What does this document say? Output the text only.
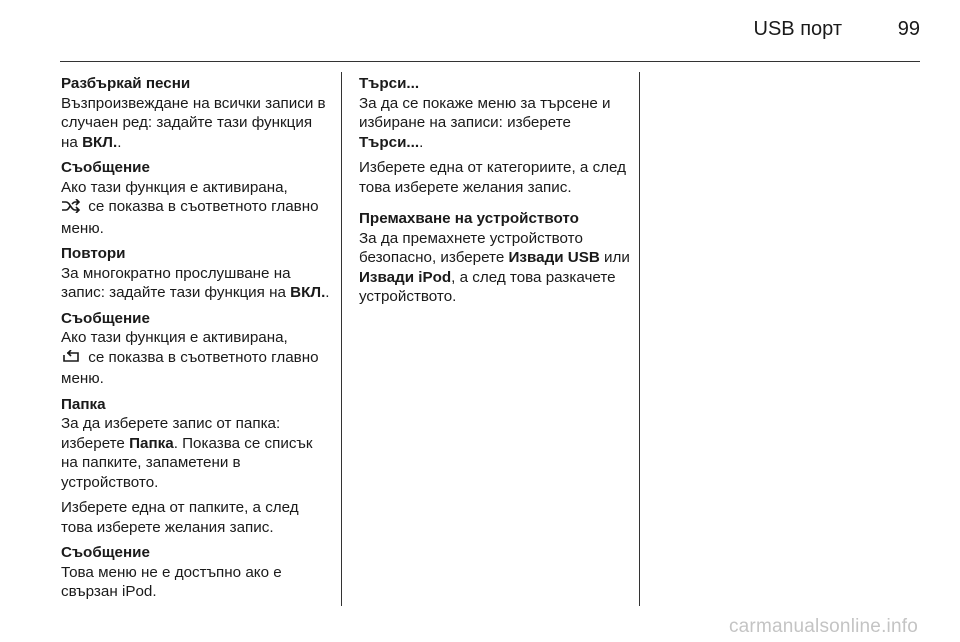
USB порт	99

Разбъркай песни
Възпроизвеждане на всички записи в случаен ред: задайте тази функция на ВКЛ..

Съобщение
Ако тази функция е активирана,
се показва в съответното главно меню.

Повтори
За многократно прослушване на запис: задайте тази функция на ВКЛ..

Съобщение
Ако тази функция е активирана,
се показва в съответното главно меню.

Папка
За да изберете запис от папка: изберете Папка. Показва се списък на папките, запаметени в устройството.

Изберете една от папките, а след това изберете желания запис.

Съобщение
Това меню не е достъпно ако е свързан iPod.

Търси...
За да се покаже меню за търсене и избиране на записи: изберете Търси....

Изберете една от категориите, а след това изберете желания запис.

Премахване на устройството
За да премахнете устройството безопасно, изберете Извади USB или Извади iPod, а след това разкачете устройството.

carmanualsonline.info
